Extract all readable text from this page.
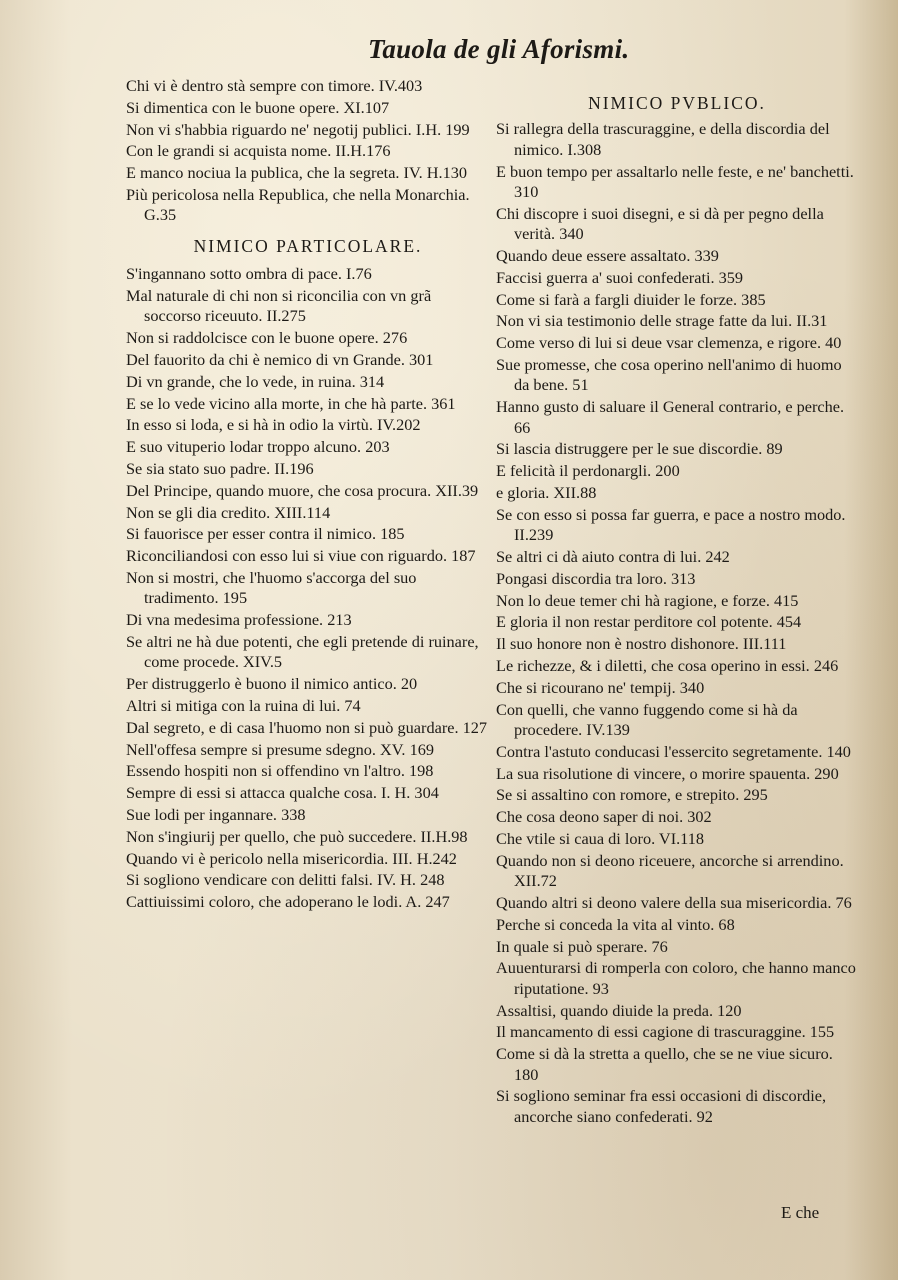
Tauola de gli Aforismi.

Chi vi è dentro stà sempre con timore. IV.403

Si dimentica con le buone opere. XI.107

Non vi s'habbia riguardo ne' negotij publici. I.H. 199

Con le grandi si acquista nome. II.H.176

E manco nociua la publica, che la segreta. IV. H.130

Più pericolosa nella Republica, che nella Monarchia. G.35

NIMICO PARTICOLARE.

S'ingannano sotto ombra di pace. I.76

Mal naturale di chi non si riconcilia con vn grã soccorso riceuuto. II.275

Non si raddolcisce con le buone opere. 276

Del fauorito da chi è nemico di vn Grande. 301

Di vn grande, che lo vede, in ruina. 314

E se lo vede vicino alla morte, in che hà parte. 361

In esso si loda, e si hà in odio la virtù. IV.202

E suo vituperio lodar troppo alcuno. 203

Se sia stato suo padre. II.196

Del Principe, quando muore, che cosa procura. XII.39

Non se gli dia credito. XIII.114

Si fauorisce per esser contra il nimico. 185

Riconciliandosi con esso lui si viue con riguardo. 187

Non si mostri, che l'huomo s'accorga del suo tradimento. 195

Di vna medesima professione. 213

Se altri ne hà due potenti, che egli pretende di ruinare, come procede. XIV.5

Per distruggerlo è buono il nimico antico. 20

Altri si mitiga con la ruina di lui. 74

Dal segreto, e di casa l'huomo non si può guardare. 127

Nell'offesa sempre si presume sdegno. XV. 169

Essendo hospiti non si offendino vn l'altro. 198

Sempre di essi si attacca qualche cosa. I. H. 304

Sue lodi per ingannare. 338

Non s'ingiurij per quello, che può succedere. II.H.98

Quando vi è pericolo nella misericordia. III. H.242

Si sogliono vendicare con delitti falsi. IV. H. 248

Cattiuissimi coloro, che adoperano le lodi. A. 247

NIMICO PVBLICO.

Si rallegra della trascuraggine, e della discordia del nimico. I.308

E buon tempo per assaltarlo nelle feste, e ne' banchetti. 310

Chi discopre i suoi disegni, e si dà per pegno della verità. 340

Quando deue essere assaltato. 339

Faccisi guerra a' suoi confederati. 359

Come si farà a fargli diuider le forze. 385

Non vi sia testimonio delle strage fatte da lui. II.31

Come verso di lui si deue vsar clemenza, e rigore. 40

Sue promesse, che cosa operino nell'animo di huomo da bene. 51

Hanno gusto di saluare il General contrario, e perche. 66

Si lascia distruggere per le sue discordie. 89

E felicità il perdonargli. 200

e gloria. XII.88

Se con esso si possa far guerra, e pace a nostro modo. II.239

Se altri ci dà aiuto contra di lui. 242

Pongasi discordia tra loro. 313

Non lo deue temer chi hà ragione, e forze. 415

E gloria il non restar perditore col potente. 454

Il suo honore non è nostro dishonore. III.111

Le richezze, & i diletti, che cosa operino in essi. 246

Che si ricourano ne' tempij. 340

Con quelli, che vanno fuggendo come si hà da procedere. IV.139

Contra l'astuto conducasi l'essercito segretamente. 140

La sua risolutione di vincere, o morire spauenta. 290

Se si assaltino con romore, e strepito. 295

Che cosa deono saper di noi. 302

Che vtile si caua di loro. VI.118

Quando non si deono riceuere, ancorche si arrendino. XII.72

Quando altri si deono valere della sua misericordia. 76

Perche si conceda la vita al vinto. 68

In quale si può sperare. 76

Auuenturarsi di romperla con coloro, che hanno manco riputatione. 93

Assaltisi, quando diuide la preda. 120

Il mancamento di essi cagione di trascuraggine. 155

Come si dà la stretta a quello, che se ne viue sicuro. 180

Si sogliono seminar fra essi occasioni di discordie, ancorche siano confederati. 92

E che
